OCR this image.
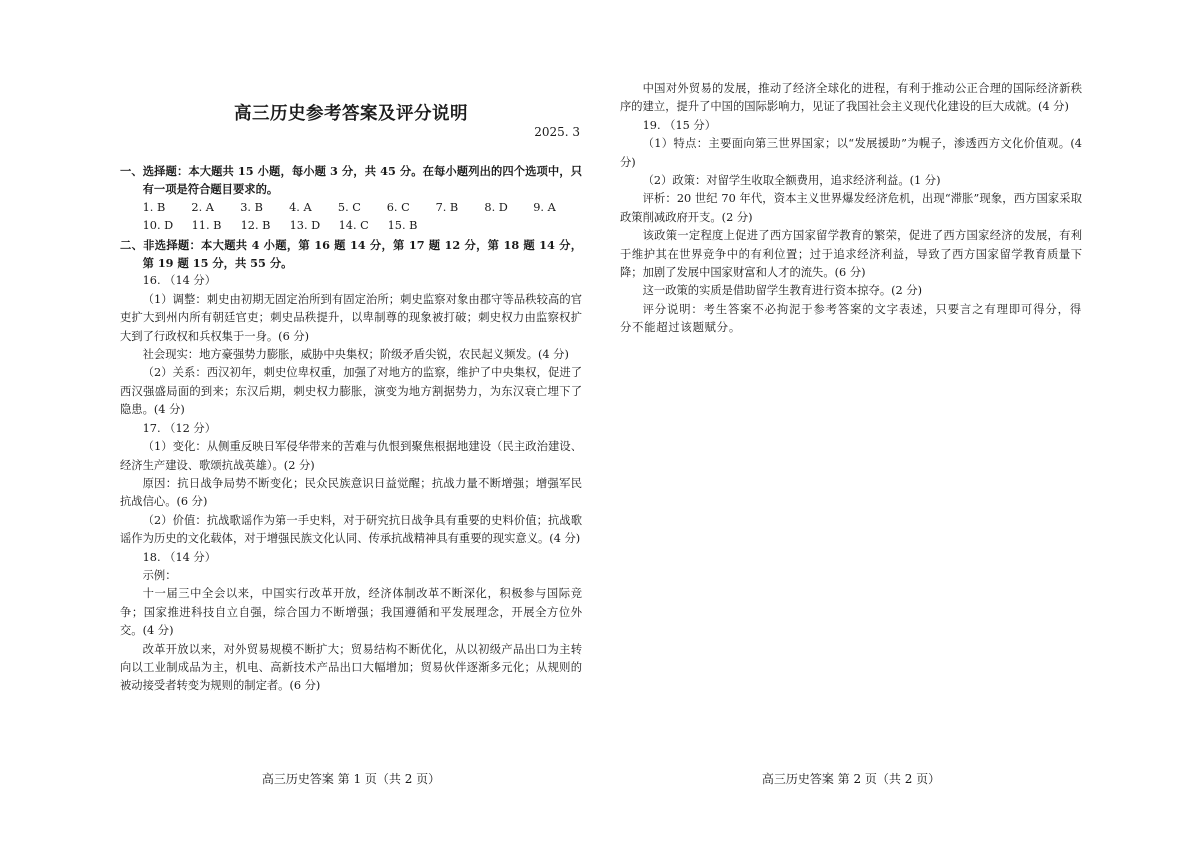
高三历史参考答案及评分说明
2025. 3

一、选择题：本大题共 15 小题，每小题 3 分，共 45 分。在每小题列出的四个选项中，只有一项是符合题目要求的。

1. B	2. A	3. B	4. A	5. C	6. C	7. B	8. D	9. A
10. D	11. B	12. B	13. D	14. C	15. B

二、非选择题：本大题共 4 小题，第 16 题 14 分，第 17 题 12 分，第 18 题 14 分，第 19 题 15 分，共 55 分。

16. （14 分）

（1）调整：刺史由初期无固定治所到有固定治所；刺史监察对象由郡守等品秩较高的官吏扩大到州内所有朝廷官吏；刺史品秩提升，以卑制尊的现象被打破；刺史权力由监察权扩大到了行政权和兵权集于一身。(6 分)

社会现实：地方豪强势力膨胀，威胁中央集权；阶级矛盾尖锐，农民起义频发。(4 分)

（2）关系：西汉初年，刺史位卑权重，加强了对地方的监察，维护了中央集权，促进了西汉强盛局面的到来；东汉后期，刺史权力膨胀，演变为地方割据势力，为东汉衰亡埋下了隐患。(4 分)

17. （12 分）

（1）变化：从侧重反映日军侵华带来的苦难与仇恨到聚焦根据地建设（民主政治建设、经济生产建设、歌颂抗战英雄）。(2 分)

原因：抗日战争局势不断变化；民众民族意识日益觉醒；抗战力量不断增强；增强军民抗战信心。(6 分)

（2）价值：抗战歌谣作为第一手史料，对于研究抗日战争具有重要的史料价值；抗战歌谣作为历史的文化载体，对于增强民族文化认同、传承抗战精神具有重要的现实意义。(4 分)

18. （14 分）

示例：

十一届三中全会以来，中国实行改革开放，经济体制改革不断深化，积极参与国际竞争；国家推进科技自立自强，综合国力不断增强；我国遵循和平发展理念，开展全方位外交。(4 分)

改革开放以来，对外贸易规模不断扩大；贸易结构不断优化，从以初级产品出口为主转向以工业制成品为主，机电、高新技术产品出口大幅增加；贸易伙伴逐渐多元化；从规则的被动接受者转变为规则的制定者。(6 分)

中国对外贸易的发展，推动了经济全球化的进程，有利于推动公正合理的国际经济新秩序的建立，提升了中国的国际影响力，见证了我国社会主义现代化建设的巨大成就。(4 分)

19. （15 分）

（1）特点：主要面向第三世界国家；以“发展援助”为幌子，渗透西方文化价值观。(4 分)

（2）政策：对留学生收取全额费用，追求经济利益。(1 分)

评析：20 世纪 70 年代，资本主义世界爆发经济危机，出现“滞胀”现象，西方国家采取政策削减政府开支。(2 分)

该政策一定程度上促进了西方国家留学教育的繁荣，促进了西方国家经济的发展，有利于维护其在世界竞争中的有利位置；过于追求经济利益，导致了西方国家留学教育质量下降；加剧了发展中国家财富和人才的流失。(6 分)

这一政策的实质是借助留学生教育进行资本掠夺。(2 分)

评分说明：考生答案不必拘泥于参考答案的文字表述，只要言之有理即可得分，得分不能超过该题赋分。

高三历史答案 第 1 页（共 2 页）	高三历史答案 第 2 页（共 2 页）
